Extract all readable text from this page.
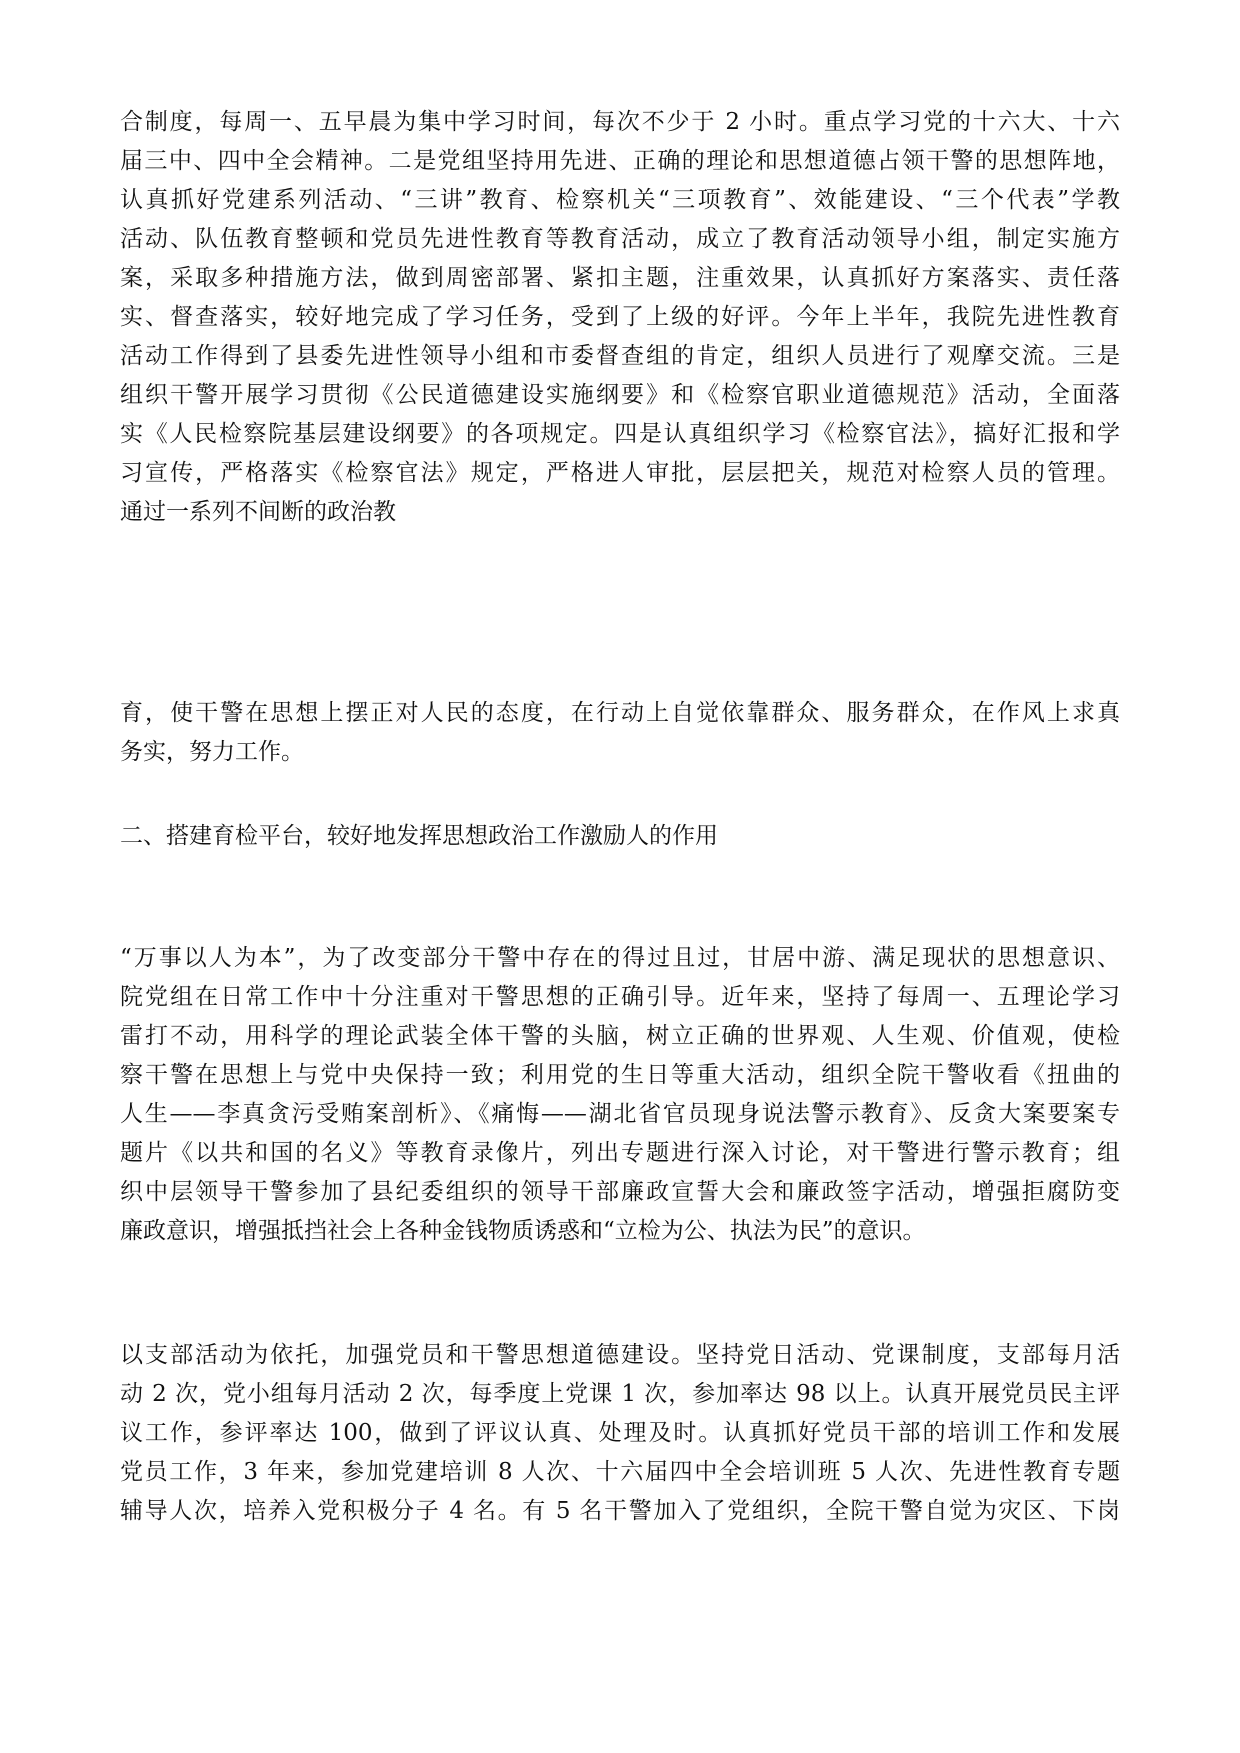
合制度，每周一、五早晨为集中学习时间，每次不少于 2 小时。重点学习党的十六大、十六
届三中、四中全会精神。二是党组坚持用先进、正确的理论和思想道德占领干警的思想阵地，
认真抓好党建系列活动、“三讲”教育、检察机关“三项教育”、效能建设、“三个代表”学教
活动、队伍教育整顿和党员先进性教育等教育活动，成立了教育活动领导小组，制定实施方
案，采取多种措施方法，做到周密部署、紧扣主题，注重效果，认真抓好方案落实、责任落
实、督查落实，较好地完成了学习任务，受到了上级的好评。今年上半年，我院先进性教育
活动工作得到了县委先进性领导小组和市委督查组的肯定，组织人员进行了观摩交流。三是
组织干警开展学习贯彻《公民道德建设实施纲要》和《检察官职业道德规范》活动，全面落
实《人民检察院基层建设纲要》的各项规定。四是认真组织学习《检察官法》，搞好汇报和学
习宣传，严格落实《检察官法》规定，严格进人审批，层层把关，规范对检察人员的管理。
通过一系列不间断的政治教
育，使干警在思想上摆正对人民的态度，在行动上自觉依靠群众、服务群众，在作风上求真
务实，努力工作。
二、搭建育检平台，较好地发挥思想政治工作激励人的作用
“万事以人为本”，为了改变部分干警中存在的得过且过，甘居中游、满足现状的思想意识、
院党组在日常工作中十分注重对干警思想的正确引导。近年来，坚持了每周一、五理论学习
雷打不动，用科学的理论武装全体干警的头脑，树立正确的世界观、人生观、价值观，使检
察干警在思想上与党中央保持一致；利用党的生日等重大活动，组织全院干警收看《扭曲的
人生——李真贪污受贿案剖析》、《痛悔——湖北省官员现身说法警示教育》、反贪大案要案专
题片《以共和国的名义》等教育录像片，列出专题进行深入讨论，对干警进行警示教育；组
织中层领导干警参加了县纪委组织的领导干部廉政宣誓大会和廉政签字活动，增强拒腐防变
廉政意识，增强抵挡社会上各种金钱物质诱惑和“立检为公、执法为民”的意识。
以支部活动为依托，加强党员和干警思想道德建设。坚持党日活动、党课制度，支部每月活
动 2 次，党小组每月活动 2 次，每季度上党课 1 次，参加率达 98 以上。认真开展党员民主评
议工作，参评率达 100，做到了评议认真、处理及时。认真抓好党员干部的培训工作和发展
党员工作，3 年来，参加党建培训 8 人次、十六届四中全会培训班 5 人次、先进性教育专题
辅导人次，培养入党积极分子 4 名。有 5 名干警加入了党组织，全院干警自觉为灾区、下岗
